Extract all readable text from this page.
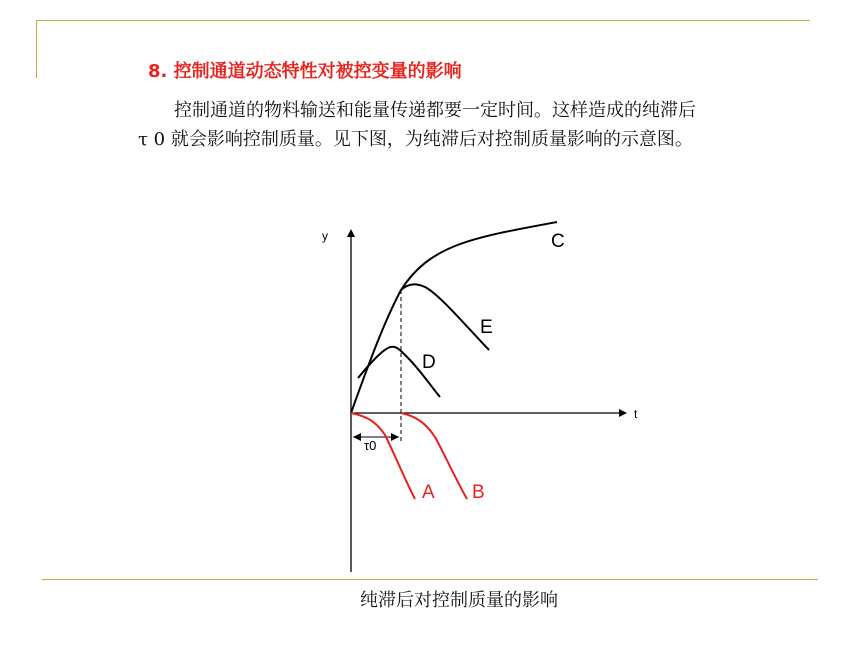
8. 控制通道动态特性对被控变量的影响
控制通道的物料输送和能量传递都要一定时间。这样造成的纯滞后
τ 0 就会影响控制质量。见下图，为纯滞后对控制质量影响的示意图。
y
t
τ0
C
E
D
A B
纯滞后对控制质量的影响
